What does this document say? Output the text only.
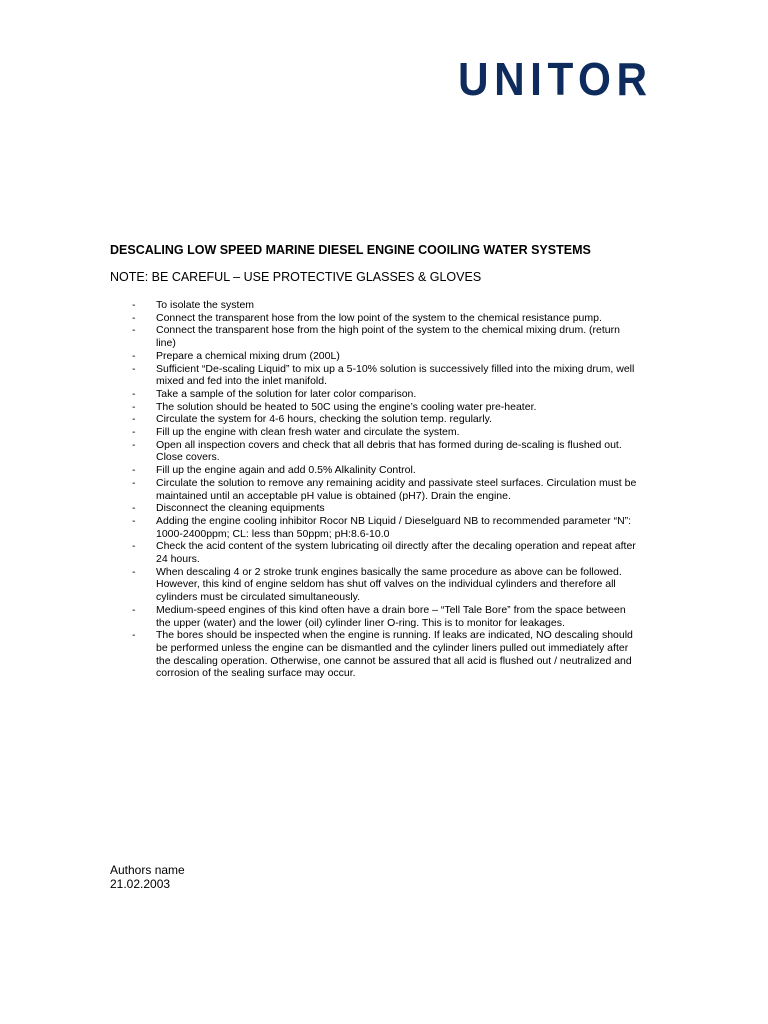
UNITOR
DESCALING LOW SPEED MARINE DIESEL ENGINE COOILING WATER SYSTEMS
NOTE: BE CAREFUL – USE PROTECTIVE GLASSES & GLOVES
- To isolate the system
- Connect the transparent hose from the low point of the system to the chemical resistance pump.
- Connect the transparent hose from the high point of the system to the chemical mixing drum. (return line)
- Prepare a chemical mixing drum (200L)
- Sufficient “De-scaling Liquid” to mix up a 5-10% solution is successively filled into the mixing drum, well mixed and fed into the inlet manifold.
- Take a sample of the solution for later color comparison.
- The solution should be heated to 50C using the engine’s cooling water pre-heater.
- Circulate the system for 4-6 hours, checking the solution temp. regularly.
- Fill up the engine with clean fresh water and circulate the system.
- Open all inspection covers and check that all debris that has formed during de-scaling is flushed out. Close covers.
- Fill up the engine again and add 0.5% Alkalinity Control.
- Circulate the solution to remove any remaining acidity and passivate steel surfaces. Circulation must be maintained until an acceptable pH value is obtained (pH7). Drain the engine.
- Disconnect the cleaning equipments
- Adding the engine cooling inhibitor Rocor NB Liquid / Dieselguard NB to recommended parameter “N”: 1000-2400ppm; CL: less than 50ppm; pH:8.6-10.0
- Check the acid content of the system lubricating oil directly after the decaling operation and repeat after 24 hours.
- When descaling 4 or 2 stroke trunk engines basically the same procedure as above can be followed. However, this kind of engine seldom has shut off valves on the individual cylinders and therefore all cylinders must be circulated simultaneously.
- Medium-speed engines of this kind often have a drain bore – “Tell Tale Bore” from the space between the upper (water) and the lower (oil) cylinder liner O-ring. This is to monitor for leakages.
- The bores should be inspected when the engine is running. If leaks are indicated, NO descaling should be performed unless the engine can be dismantled and the cylinder liners pulled out immediately after the descaling operation. Otherwise, one cannot be assured that all acid is flushed out / neutralized and corrosion of the sealing surface may occur.
Authors name
21.02.2003
